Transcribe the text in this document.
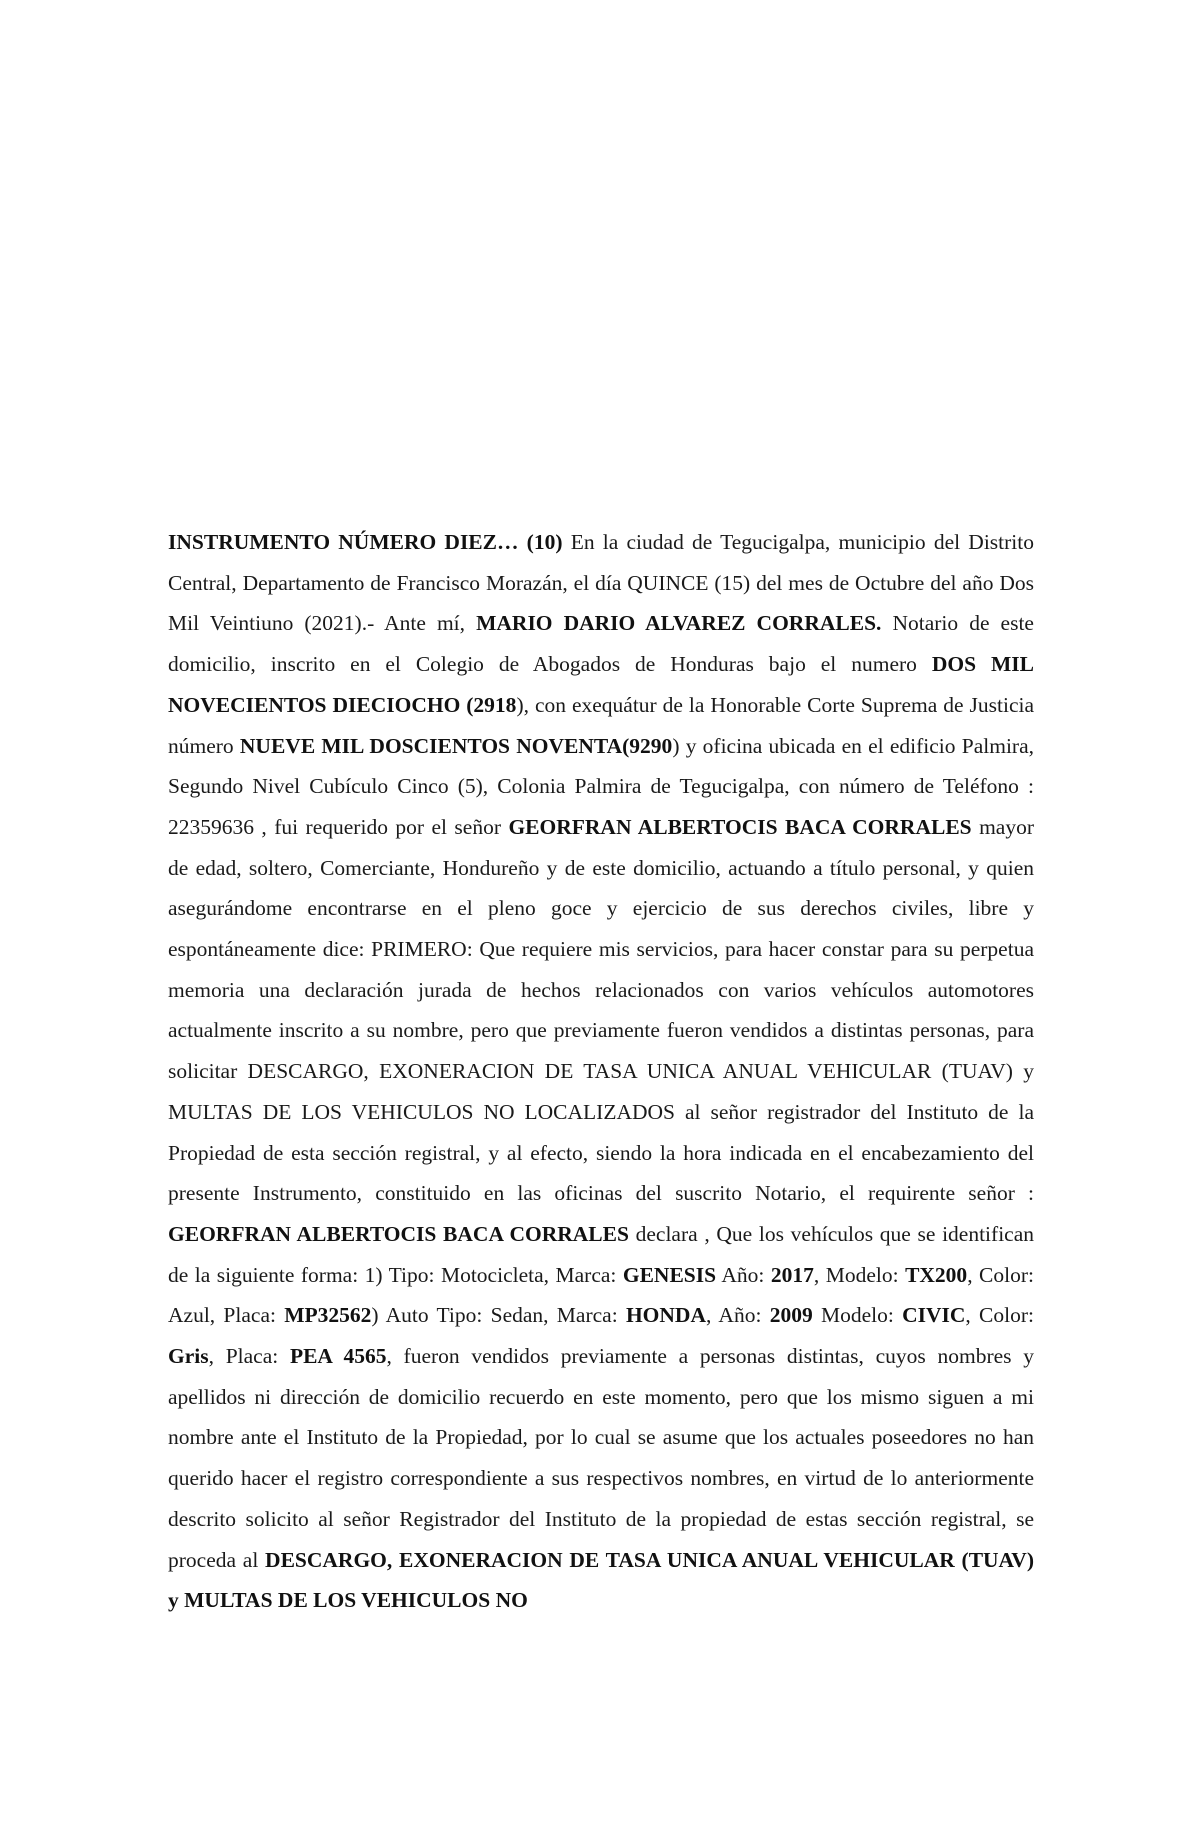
INSTRUMENTO NÚMERO DIEZ… (10) En la ciudad de Tegucigalpa, municipio del Distrito Central, Departamento de Francisco Morazán, el día QUINCE (15) del mes de Octubre del año Dos Mil Veintiuno (2021).- Ante mí, MARIO DARIO ALVAREZ CORRALES. Notario de este domicilio, inscrito en el Colegio de Abogados de Honduras bajo el numero DOS MIL NOVECIENTOS DIECIOCHO (2918), con exequátur de la Honorable Corte Suprema de Justicia número NUEVE MIL DOSCIENTOS NOVENTA(9290) y oficina ubicada en el edificio Palmira, Segundo Nivel Cubículo Cinco (5), Colonia Palmira de Tegucigalpa, con número de Teléfono : 22359636 , fui requerido por el señor GEORFRAN ALBERTOCIS BACA CORRALES mayor de edad, soltero, Comerciante, Hondureño y de este domicilio, actuando a título personal, y quien asegurándome encontrarse en el pleno goce y ejercicio de sus derechos civiles, libre y espontáneamente dice: PRIMERO: Que requiere mis servicios, para hacer constar para su perpetua memoria una declaración jurada de hechos relacionados con varios vehículos automotores actualmente inscrito a su nombre, pero que previamente fueron vendidos a distintas personas, para solicitar DESCARGO, EXONERACION DE TASA UNICA ANUAL VEHICULAR (TUAV) y MULTAS DE LOS VEHICULOS NO LOCALIZADOS al señor registrador del Instituto de la Propiedad de esta sección registral, y al efecto, siendo la hora indicada en el encabezamiento del presente Instrumento, constituido en las oficinas del suscrito Notario, el requirente señor : GEORFRAN ALBERTOCIS BACA CORRALES declara , Que los vehículos que se identifican de la siguiente forma: 1) Tipo: Motocicleta, Marca: GENESIS Año: 2017, Modelo: TX200, Color: Azul, Placa: MP32562) Auto Tipo: Sedan, Marca: HONDA, Año: 2009 Modelo: CIVIC, Color: Gris, Placa: PEA 4565, fueron vendidos previamente a personas distintas, cuyos nombres y apellidos ni dirección de domicilio recuerdo en este momento, pero que los mismo siguen a mi nombre ante el Instituto de la Propiedad, por lo cual se asume que los actuales poseedores no han querido hacer el registro correspondiente a sus respectivos nombres, en virtud de lo anteriormente descrito solicito al señor Registrador del Instituto de la propiedad de estas sección registral, se proceda al DESCARGO, EXONERACION DE TASA UNICA ANUAL VEHICULAR (TUAV) y MULTAS DE LOS VEHICULOS NO
